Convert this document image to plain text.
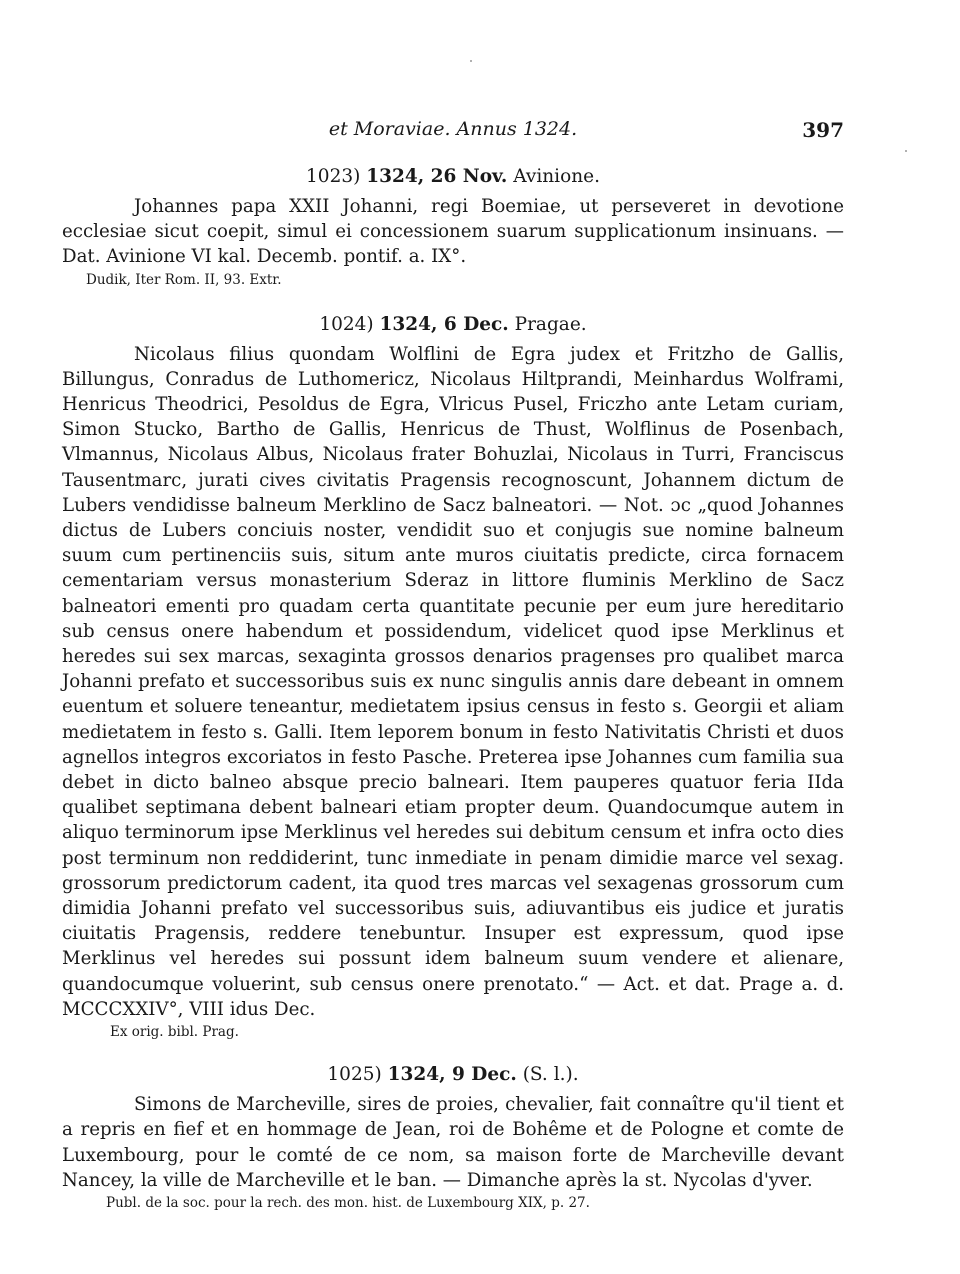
et Moraviae. Annus 1324.	397

1023) 1324, 26 Nov. Avinione.

Johannes papa XXII Johanni, regi Boemiae, ut perseveret in devotione ecclesiae sicut coepit, simul ei concessionem suarum supplicationum insinuans. — Dat. Avinione VI kal. Decemb. pontif. a. IX°.

Dudik, Iter Rom. II, 93. Extr.

1024) 1324, 6 Dec. Pragae.

Nicolaus filius quondam Wolflini de Egra judex et Fritzho de Gallis, Billungus, Conradus de Luthomericz, Nicolaus Hiltprandi, Meinhardus Wolframi, Henricus Theodrici, Pesoldus de Egra, Vlricus Pusel, Friczho ante Letam curiam, Simon Stucko, Bartho de Gallis, Henricus de Thust, Wolflinus de Posenbach, Vlmannus, Nicolaus Albus, Nicolaus frater Bohuzlai, Nicolaus in Turri, Franciscus Tausentmarc, jurati cives civitatis Pragensis recognoscunt, Johannem dictum de Lubers vendidisse balneum Merklino de Sacz balneatori. — Not. ɔc „quod Johannes dictus de Lubers conciuis noster, vendidit suo et conjugis sue nomine balneum suum cum pertinenciis suis, situm ante muros ciuitatis predicte, circa fornacem cementariam versus monasterium Sderaz in littore fluminis Merklino de Sacz balneatori ementi pro quadam certa quantitate pecunie per eum jure hereditario sub census onere habendum et possidendum, videlicet quod ipse Merklinus et heredes sui sex marcas, sexaginta grossos denarios pragenses pro qualibet marca Johanni prefato et successoribus suis ex nunc singulis annis dare debeant in omnem euentum et soluere teneantur, medietatem ipsius census in festo s. Georgii et aliam medietatem in festo s. Galli. Item leporem bonum in festo Nativitatis Christi et duos agnellos integros excoriatos in festo Pasche. Preterea ipse Johannes cum familia sua debet in dicto balneo absque precio balneari. Item pauperes quatuor feria IIda qualibet septimana debent balneari etiam propter deum. Quandocumque autem in aliquo terminorum ipse Merklinus vel heredes sui debitum censum et infra octo dies post terminum non reddiderint, tunc inmediate in penam dimidie marce vel sexag. grossorum predictorum cadent, ita quod tres marcas vel sexagenas grossorum cum dimidia Johanni prefato vel successoribus suis, adiuvantibus eis judice et juratis ciuitatis Pragensis, reddere tenebuntur. Insuper est expressum, quod ipse Merklinus vel heredes sui possunt idem balneum suum vendere et alienare, quandocumque voluerint, sub census onere prenotato.“ — Act. et dat. Prage a. d. MCCCXXIV°, VIII idus Dec.

Ex orig. bibl. Prag.

1025) 1324, 9 Dec. (S. l.).

Simons de Marcheville, sires de proies, chevalier, fait connaître qu'il tient et a repris en fief et en hommage de Jean, roi de Bohême et de Pologne et comte de Luxembourg, pour le comté de ce nom, sa maison forte de Marcheville devant Nancey, la ville de Marcheville et le ban. — Dimanche après la st. Nycolas d'yver.

Publ. de la soc. pour la rech. des mon. hist. de Luxembourg XIX, p. 27.
